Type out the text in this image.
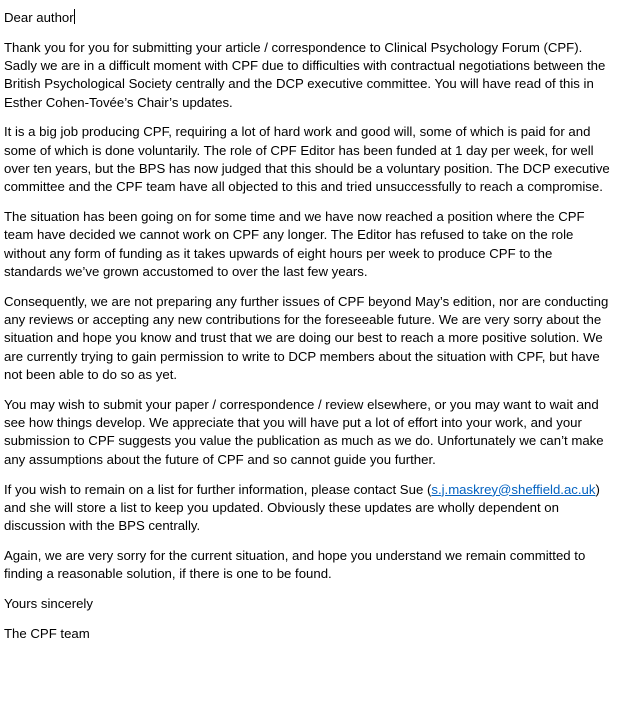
Dear author

Thank you for you for submitting your article / correspondence to Clinical Psychology Forum (CPF). Sadly we are in a difficult moment with CPF due to difficulties with contractual negotiations between the British Psychological Society centrally and the DCP executive committee. You will have read of this in Esther Cohen-Tovée’s Chair’s updates.

It is a big job producing CPF, requiring a lot of hard work and good will, some of which is paid for and some of which is done voluntarily. The role of CPF Editor has been funded at 1 day per week, for well over ten years, but the BPS has now judged that this should be a voluntary position. The DCP executive committee and the CPF team have all objected to this and tried unsuccessfully to reach a compromise.

The situation has been going on for some time and we have now reached a position where the CPF team have decided we cannot work on CPF any longer. The Editor has refused to take on the role without any form of funding as it takes upwards of eight hours per week to produce CPF to the standards we’ve grown accustomed to over the last few years.

Consequently, we are not preparing any further issues of CPF beyond May’s edition, nor are conducting any reviews or accepting any new contributions for the foreseeable future. We are very sorry about the situation and hope you know and trust that we are doing our best to reach a more positive solution. We are currently trying to gain permission to write to DCP members about the situation with CPF, but have not been able to do so as yet.

You may wish to submit your paper / correspondence / review elsewhere, or you may want to wait and see how things develop. We appreciate that you will have put a lot of effort into your work, and your submission to CPF suggests you value the publication as much as we do. Unfortunately we can’t make any assumptions about the future of CPF and so cannot guide you further.

If you wish to remain on a list for further information, please contact Sue (s.j.maskrey@sheffield.ac.uk) and she will store a list to keep you updated. Obviously these updates are wholly dependent on discussion with the BPS centrally.

Again, we are very sorry for the current situation, and hope you understand we remain committed to finding a reasonable solution, if there is one to be found.

Yours sincerely

The CPF team
